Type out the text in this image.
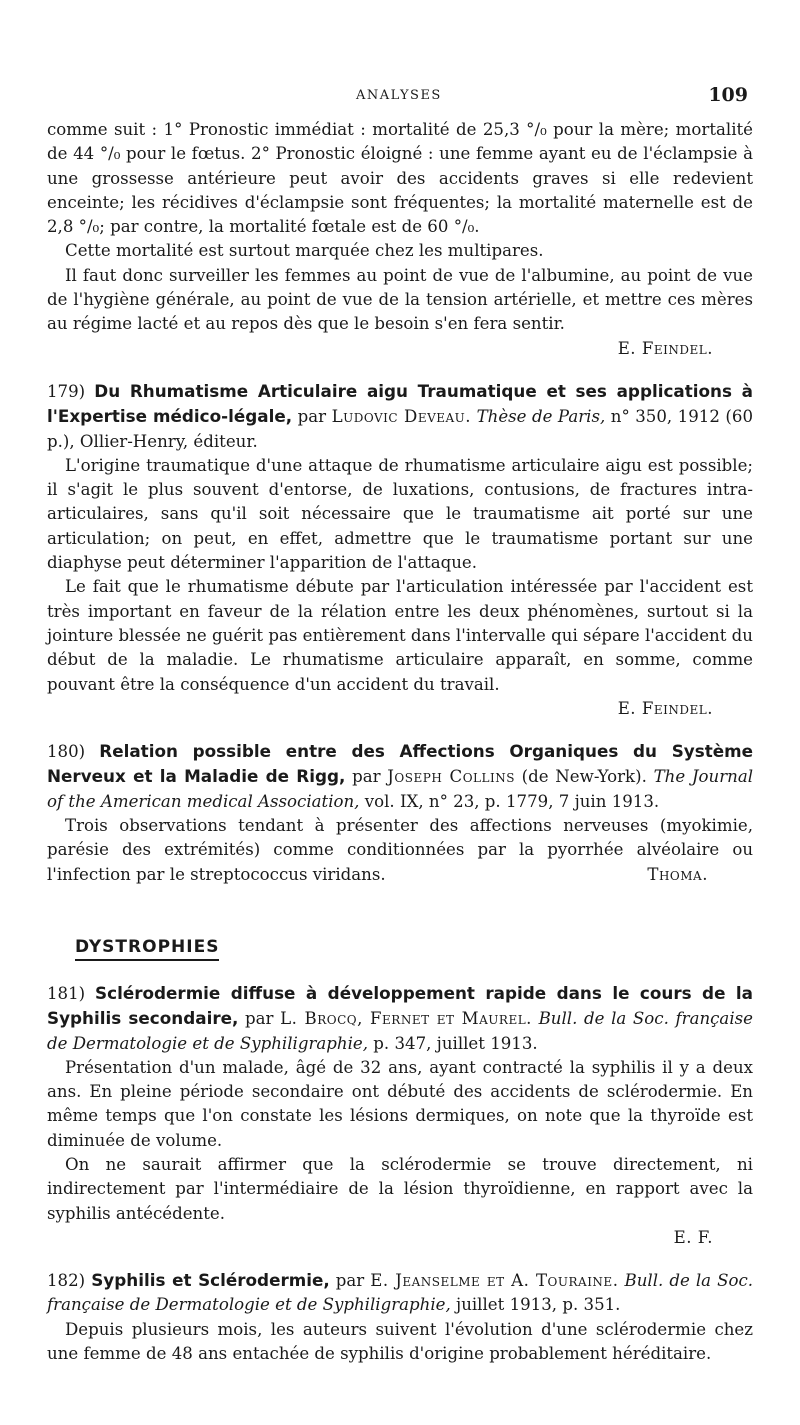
ANALYSES	109

comme suit : 1° Pronostic immédiat : mortalité de 25,3 °/₀ pour la mère; mortalité de 44 °/₀ pour le fœtus. 2° Pronostic éloigné : une femme ayant eu de l'éclampsie à une grossesse antérieure peut avoir des accidents graves si elle redevient enceinte; les récidives d'éclampsie sont fréquentes; la mortalité maternelle est de 2,8 °/₀; par contre, la mortalité fœtale est de 60 °/₀.

Cette mortalité est surtout marquée chez les multipares.

Il faut donc surveiller les femmes au point de vue de l'albumine, au point de vue de l'hygiène générale, au point de vue de la tension artérielle, et mettre ces mères au régime lacté et au repos dès que le besoin s'en fera sentir.

E. Feindel.

179) Du Rhumatisme Articulaire aigu Traumatique et ses applications à l'Expertise médico-légale, par Ludovic Deveau. Thèse de Paris, n° 350, 1912 (60 p.), Ollier-Henry, éditeur.

L'origine traumatique d'une attaque de rhumatisme articulaire aigu est possible; il s'agit le plus souvent d'entorse, de luxations, contusions, de fractures intra-articulaires, sans qu'il soit nécessaire que le traumatisme ait porté sur une articulation; on peut, en effet, admettre que le traumatisme portant sur une diaphyse peut déterminer l'apparition de l'attaque.

Le fait que le rhumatisme débute par l'articulation intéressée par l'accident est très important en faveur de la rélation entre les deux phénomènes, surtout si la jointure blessée ne guérit pas entièrement dans l'intervalle qui sépare l'accident du début de la maladie. Le rhumatisme articulaire apparaît, en somme, comme pouvant être la conséquence d'un accident du travail.

E. Feindel.

180) Relation possible entre des Affections Organiques du Système Nerveux et la Maladie de Rigg, par Joseph Collins (de New-York). The Journal of the American medical Association, vol. IX, n° 23, p. 1779, 7 juin 1913.

Trois observations tendant à présenter des affections nerveuses (myokimie, parésie des extrémités) comme conditionnées par la pyorrhée alvéolaire ou l'infection par le streptococcus viridans.	Thoma.

DYSTROPHIES

181) Sclérodermie diffuse à développement rapide dans le cours de la Syphilis secondaire, par L. Brocq, Fernet et Maurel. Bull. de la Soc. française de Dermatologie et de Syphiligraphie, p. 347, juillet 1913.

Présentation d'un malade, âgé de 32 ans, ayant contracté la syphilis il y a deux ans. En pleine période secondaire ont débuté des accidents de sclérodermie. En même temps que l'on constate les lésions dermiques, on note que la thyroïde est diminuée de volume.

On ne saurait affirmer que la sclérodermie se trouve directement, ni indirectement par l'intermédiaire de la lésion thyroïdienne, en rapport avec la syphilis antécédente.

E. F.

182) Syphilis et Sclérodermie, par E. Jeanselme et A. Touraine. Bull. de la Soc. française de Dermatologie et de Syphiligraphie, juillet 1913, p. 351.

Depuis plusieurs mois, les auteurs suivent l'évolution d'une sclérodermie chez une femme de 48 ans entachée de syphilis d'origine probablement héréditaire.
